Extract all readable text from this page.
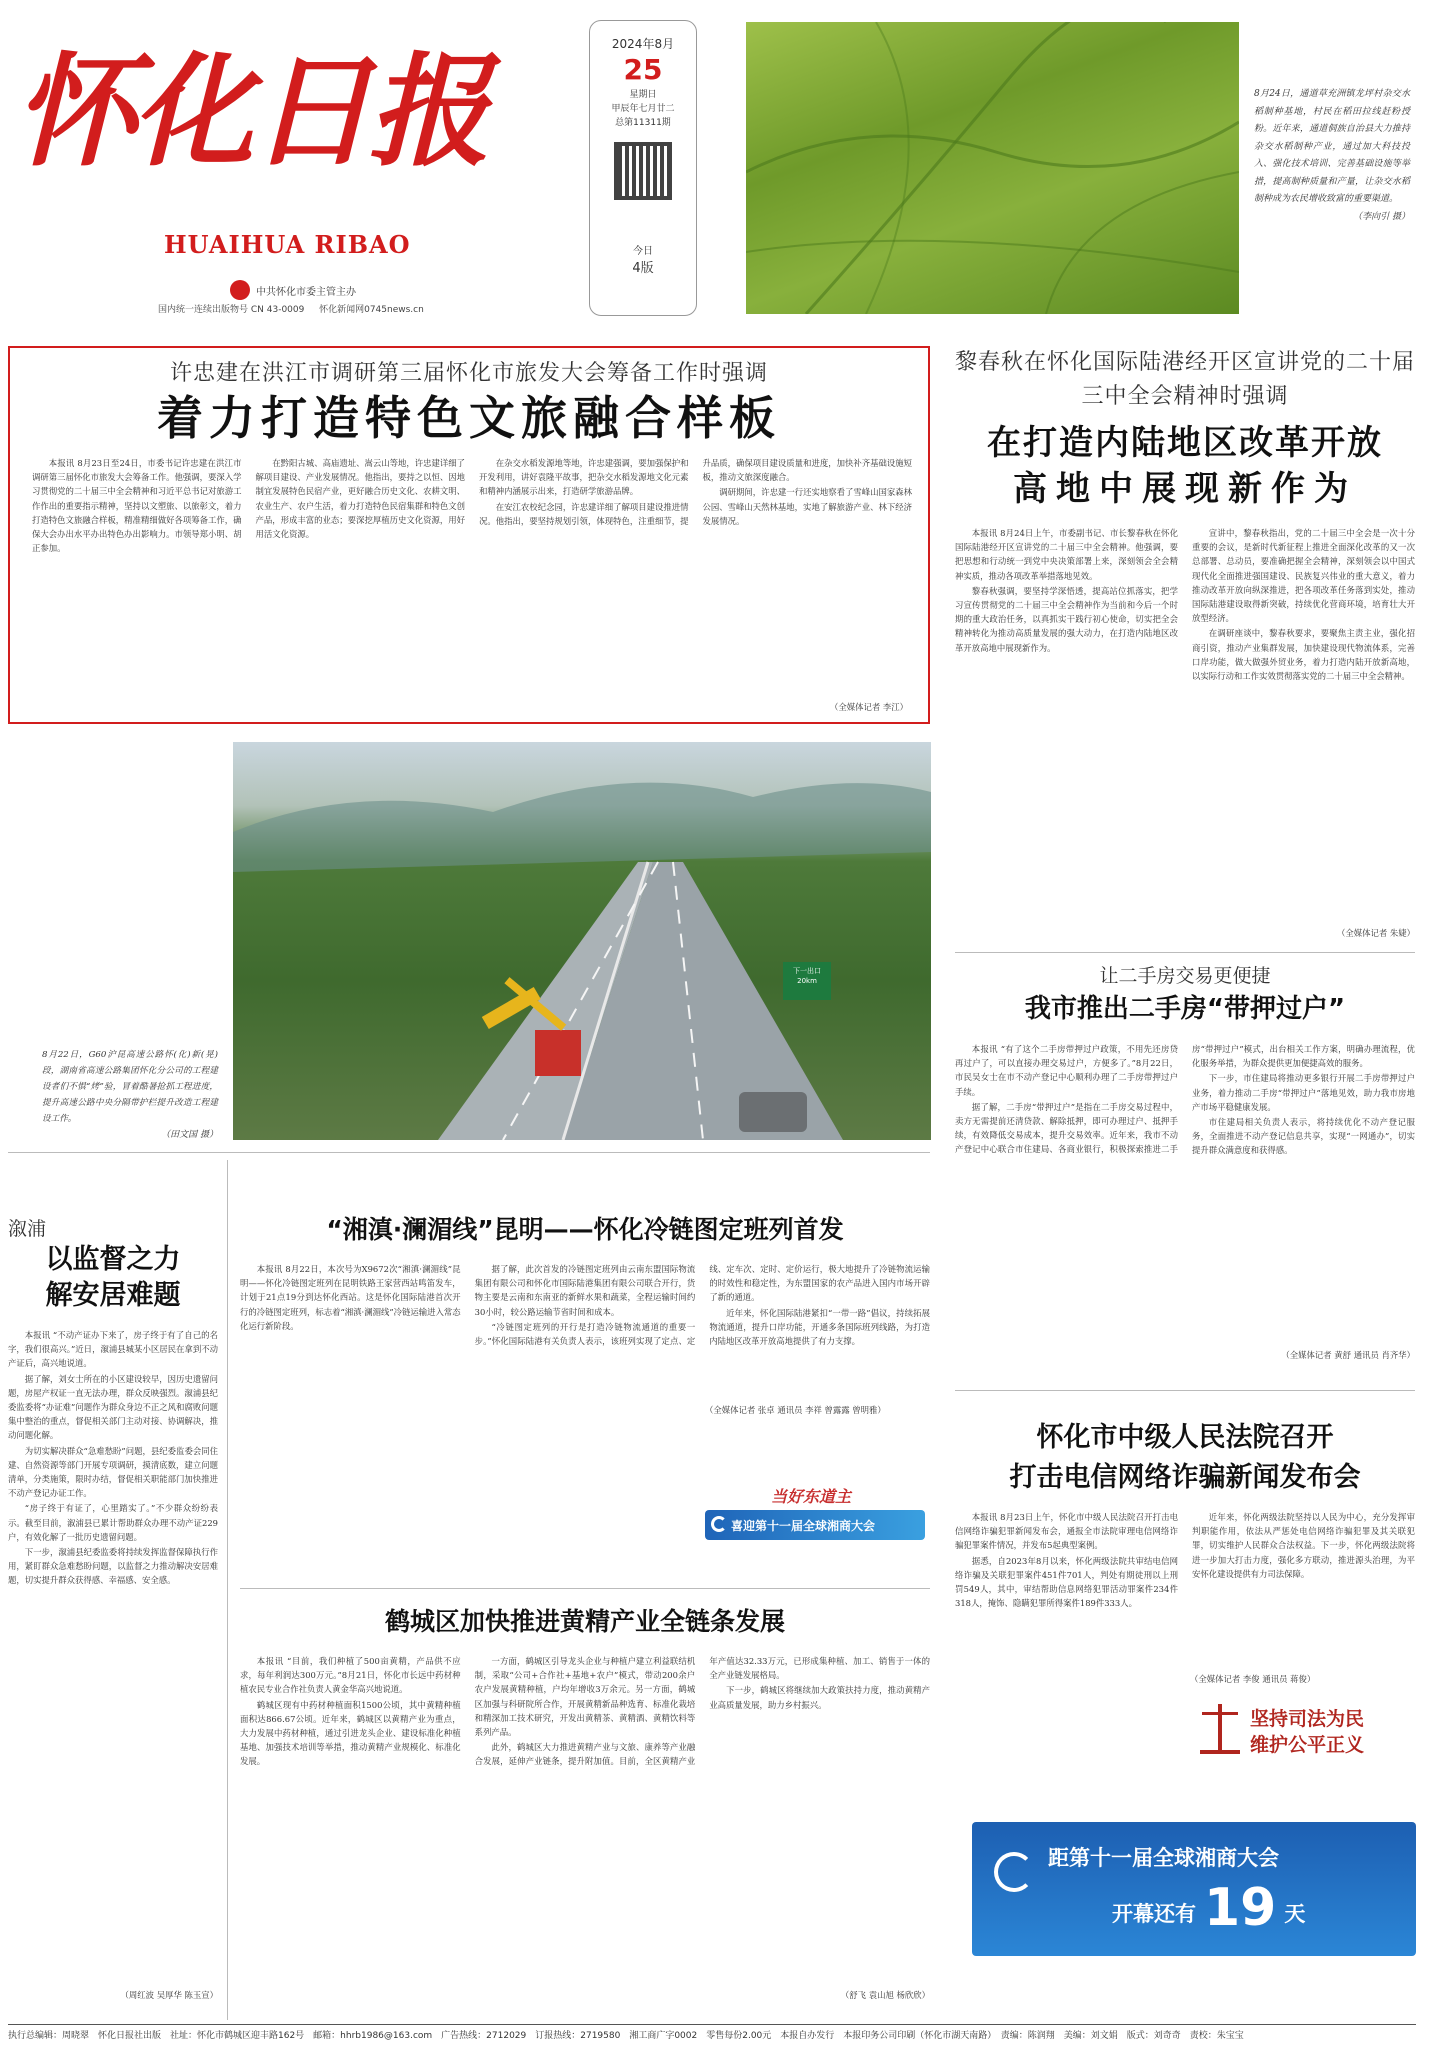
怀化日报
HUAIHUA RIBAO
中共怀化市委主管主办
国内统一连续出版物号 CN 43-0009 　 怀化新闻网0745news.cn
2024年8月
25
星期日
甲辰年七月廿二
总第11311期
今日
4版
8月24日，通道草充洲镇龙坪村杂交水稻制种基地，村民在稻田拉线赶粉授粉。近年来，通道侗族自治县大力推持杂交水稻制种产业，通过加大科技投入、强化技术培训、完善基础设施等举措，提高制种质量和产量，让杂交水稻制种成为农民增收致富的重要渠道。
（李向引 摄）
许忠建在洪江市调研第三届怀化市旅发大会筹备工作时强调
着力打造特色文旅融合样板

本报讯 8月23日至24日，市委书记许忠建在洪江市调研第三届怀化市旅发大会筹备工作。他强调，要深入学习贯彻党的二十届三中全会精神和习近平总书记对旅游工作作出的重要指示精神，坚持以文塑旅、以旅彰文，着力打造特色文旅融合样板，精准精细做好各项筹备工作，确保大会办出水平办出特色办出影响力。市领导郑小明、胡正参加。

在黔阳古城、高庙遗址、嵩云山等地，许忠建详细了解项目建设、产业发展情况。他指出，要持之以恒、因地制宜发展特色民宿产业，更好融合历史文化、农耕文明、农业生产、农户生活，着力打造特色民宿集群和特色文创产品，形成丰富的业态；要深挖厚植历史文化资源，用好用活文化资源。

在杂交水稻发源地等地，许忠建强调，要加强保护和开发利用，讲好袁隆平故事，把杂交水稻发源地文化元素和精神内涵展示出来，打造研学旅游品牌。

在安江农校纪念园，许忠建详细了解项目建设推进情况。他指出，要坚持规划引领，体现特色，注重细节，提升品质，确保项目建设质量和进度，加快补齐基础设施短板，推动文旅深度融合。

调研期间，许忠建一行还实地察看了雪峰山国家森林公园、雪峰山天然林基地，实地了解旅游产业、林下经济发展情况。

（全媒体记者 李江）
黎春秋在怀化国际陆港经开区宣讲党的二十届三中全会精神时强调
在打造内陆地区改革开放
高地中展现新作为

本报讯 8月24日上午，市委副书记、市长黎春秋在怀化国际陆港经开区宣讲党的二十届三中全会精神。他强调，要把思想和行动统一到党中央决策部署上来，深刻领会全会精神实质，推动各项改革举措落地见效。

黎春秋强调，要坚持学深悟透，提高站位抓落实，把学习宣传贯彻党的二十届三中全会精神作为当前和今后一个时期的重大政治任务，以真抓实干践行初心使命，切实把全会精神转化为推动高质量发展的强大动力，在打造内陆地区改革开放高地中展现新作为。

宣讲中，黎春秋指出，党的二十届三中全会是一次十分重要的会议，是新时代新征程上推进全面深化改革的又一次总部署、总动员，要准确把握全会精神，深刻领会以中国式现代化全面推进强国建设、民族复兴伟业的重大意义，着力推动改革开放向纵深推进，把各项改革任务落到实处，推动国际陆港建设取得新突破，持续优化营商环境，培育壮大开放型经济。

在调研座谈中，黎春秋要求，要聚焦主责主业，强化招商引资，推动产业集群发展，加快建设现代物流体系，完善口岸功能，做大做强外贸业务，着力打造内陆开放新高地，以实际行动和工作实效贯彻落实党的二十届三中全会精神。

（全媒体记者 朱婕）
下一出口 20km
8月22日，G60沪昆高速公路怀(化)新(晃)段，湖南省高速公路集团怀化分公司的工程建设者们不惧“烤”验，冒着酷暑抢抓工程进度，提升高速公路中央分隔带护栏提升改造工程建设工作。
（田文国 摄）
让二手房交易更便捷
我市推出二手房“带押过户”

本报讯 “有了这个二手房带押过户政策，不用先还房贷再过户了，可以直接办理交易过户，方便多了。”8月22日，市民吴女士在市不动产登记中心顺利办理了二手房带押过户手续。

据了解，二手房“带押过户”是指在二手房交易过程中，卖方无需提前还清贷款、解除抵押，即可办理过户、抵押手续，有效降低交易成本，提升交易效率。近年来，我市不动产登记中心联合市住建局、各商业银行，积极探索推进二手房“带押过户”模式，出台相关工作方案，明确办理流程，优化服务举措，为群众提供更加便捷高效的服务。

下一步，市住建局将推动更多银行开展二手房带押过户业务，着力推动二手房“带押过户”落地见效，助力我市房地产市场平稳健康发展。

市住建局相关负责人表示，将持续优化不动产登记服务，全面推进不动产登记信息共享，实现“一网通办”，切实提升群众满意度和获得感。

（全媒体记者 黄舒 通讯员 肖齐华）
溆浦
以监督之力
解安居难题

本报讯 “不动产证办下来了，房子终于有了自己的名字，我们很高兴。”近日，溆浦县城某小区居民在拿到不动产证后，高兴地说道。

据了解，刘女士所在的小区建设较早，因历史遗留问题，房屋产权证一直无法办理，群众反映强烈。溆浦县纪委监委将“办证难”问题作为群众身边不正之风和腐败问题集中整治的重点，督促相关部门主动对接、协调解决，推动问题化解。

为切实解决群众“急难愁盼”问题，县纪委监委会同住建、自然资源等部门开展专项调研，摸清底数，建立问题清单，分类施策，限时办结，督促相关职能部门加快推进不动产登记办证工作。

“房子终于有证了，心里踏实了。”不少群众纷纷表示。截至目前，溆浦县已累计帮助群众办理不动产证229户，有效化解了一批历史遗留问题。

下一步，溆浦县纪委监委将持续发挥监督保障执行作用，紧盯群众急难愁盼问题，以监督之力推动解决安居难题，切实提升群众获得感、幸福感、安全感。

（周红波 吴厚华 陈玉宣）
“湘滇·澜湄线”昆明——怀化冷链图定班列首发

本报讯 8月22日，本次号为X9672次“湘滇·澜湄线”昆明——怀化冷链图定班列在昆明铁路王家营西站鸣笛发车，计划于21点19分到达怀化西站。这是怀化国际陆港首次开行的冷链图定班列，标志着“湘滇·澜湄线”冷链运输进入常态化运行新阶段。

据了解，此次首发的冷链图定班列由云南东盟国际物流集团有限公司和怀化市国际陆港集团有限公司联合开行，货物主要是云南和东南亚的新鲜水果和蔬菜，全程运输时间约30小时，较公路运输节省时间和成本。

“冷链图定班列的开行是打造冷链物流通道的重要一步。”怀化国际陆港有关负责人表示，该班列实现了定点、定线、定车次、定时、定价运行，极大地提升了冷链物流运输的时效性和稳定性，为东盟国家的农产品进入国内市场开辟了新的通道。

近年来，怀化国际陆港紧扣“一带一路”倡议，持续拓展物流通道，提升口岸功能，开通多条国际班列线路，为打造内陆地区改革开放高地提供了有力支撑。

（全媒体记者 张卓 通讯员 李祥 曾露露 曾明雅）
当好东道主
喜迎第十一届全球湘商大会
鹤城区加快推进黄精产业全链条发展

本报讯 “目前，我们种植了500亩黄精，产品供不应求，每年利润达300万元。”8月21日，怀化市长远中药材种植农民专业合作社负责人黄金华高兴地说道。

鹤城区现有中药材种植面积1500公顷，其中黄精种植面积达866.67公顷。近年来，鹤城区以黄精产业为重点，大力发展中药材种植，通过引进龙头企业、建设标准化种植基地、加强技术培训等举措，推动黄精产业规模化、标准化发展。

一方面，鹤城区引导龙头企业与种植户建立利益联结机制，采取“公司+合作社+基地+农户”模式，带动200余户农户发展黄精种植，户均年增收3万余元。另一方面，鹤城区加强与科研院所合作，开展黄精新品种选育、标准化栽培和精深加工技术研究，开发出黄精茶、黄精酒、黄精饮料等系列产品。

此外，鹤城区大力推进黄精产业与文旅、康养等产业融合发展，延伸产业链条，提升附加值。目前，全区黄精产业年产值达32.33万元，已形成集种植、加工、销售于一体的全产业链发展格局。

下一步，鹤城区将继续加大政策扶持力度，推动黄精产业高质量发展，助力乡村振兴。

（舒飞 袁山旭 杨欣欣）
怀化市中级人民法院召开
打击电信网络诈骗新闻发布会

本报讯 8月23日上午，怀化市中级人民法院召开打击电信网络诈骗犯罪新闻发布会，通报全市法院审理电信网络诈骗犯罪案件情况，并发布5起典型案例。

据悉，自2023年8月以来，怀化两级法院共审结电信网络诈骗及关联犯罪案件451件701人，判处有期徒刑以上刑罚549人，其中，审结帮助信息网络犯罪活动罪案件234件318人，掩饰、隐瞒犯罪所得案件189件333人。

近年来，怀化两级法院坚持以人民为中心，充分发挥审判职能作用，依法从严惩处电信网络诈骗犯罪及其关联犯罪，切实维护人民群众合法权益。下一步，怀化两级法院将进一步加大打击力度，强化多方联动，推进源头治理，为平安怀化建设提供有力司法保障。

（全媒体记者 李俊 通讯员 蒋俊）
坚持司法为民
维护公平正义
距第十一届全球湘商大会
开幕还有 19 天
执行总编辑：周晓翠　怀化日报社出版　社址：怀化市鹤城区迎丰路162号　邮箱：hhrb1986@163.com　广告热线：2712029　订报热线：2719580　湘工商广字0002　零售每份2.00元　本报自办发行　本报印务公司印刷（怀化市湖天南路）　责编：陈润翔　美编：刘文娟　版式：刘奇奇　责校：朱宝宝
